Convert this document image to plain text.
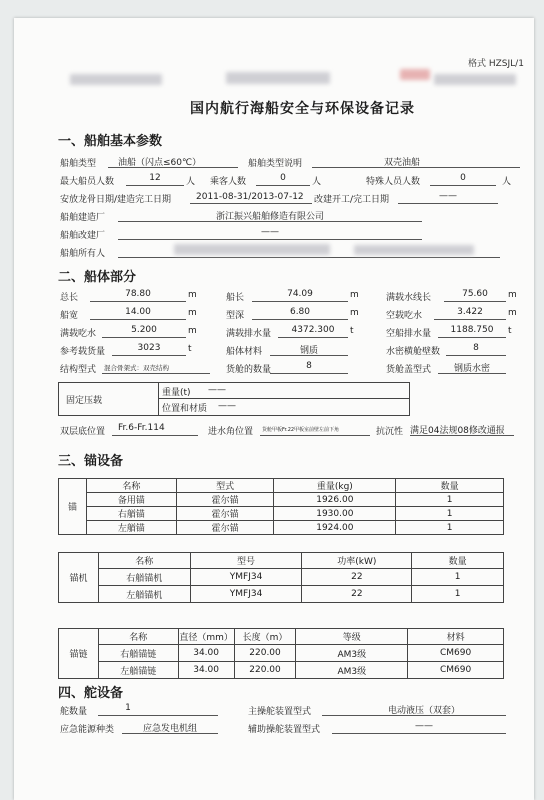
格式 HZSJL/1
国内航行海船安全与环保设备记录
一、船舶基本参数
船舶类型 油船（闪点≤60℃）	船舶类型说明	双壳油船
最大船员人数	12	人 乘客人数	0	人	特殊人员人数	0	人
安放龙骨日期/建造完工日期	2011-08-31/2013-07-12 改建开工/完工日期	——
船舶建造厂	浙江振兴船舶修造有限公司
船舶改建厂	——
船舶所有人
二、船体部分
总长	78.80	m	船长	74.09	m	满载水线长	75.60	m
船宽	14.00	m	型深	6.80	m	空载吃水	3.422	m
满载吃水	5.200	m	满载排水量	4372.300	t	空船排水量	1188.750	t
参考载货量	3023	t	船体材料	钢质	水密横舱壁数	8
结构型式 混合骨架式：双壳结构	货舱的数量	8	货舱盖型式	钢质水密
固定压载
重量(t) ——
位置和材质 ——
双层底位置 Fr.6-Fr.114	进水角位置 货舱甲板Fr.22甲板室前壁左前下角	抗沉性 满足04法规08修改通报
三、锚设备
锚	名称	型式	重量(kg)	数量
	备用锚	霍尔锚	1926.00	1
	右艏锚	霍尔锚	1930.00	1
	左艏锚	霍尔锚	1924.00	1
锚机	名称	型号	功率(kW)	数量
	右艏锚机	YMFJ34	22	1
	左艏锚机	YMFJ34	22	1
锚链	名称	直径（mm）	长度（m）	等级	材料
	右艏锚链	34.00	220.00	AM3级	CM690
	左艏锚链	34.00	220.00	AM3级	CM690
四、舵设备
舵数量	1	主操舵装置型式	电动液压（双套）
应急能源种类	应急发电机组	辅助操舵装置型式	——
